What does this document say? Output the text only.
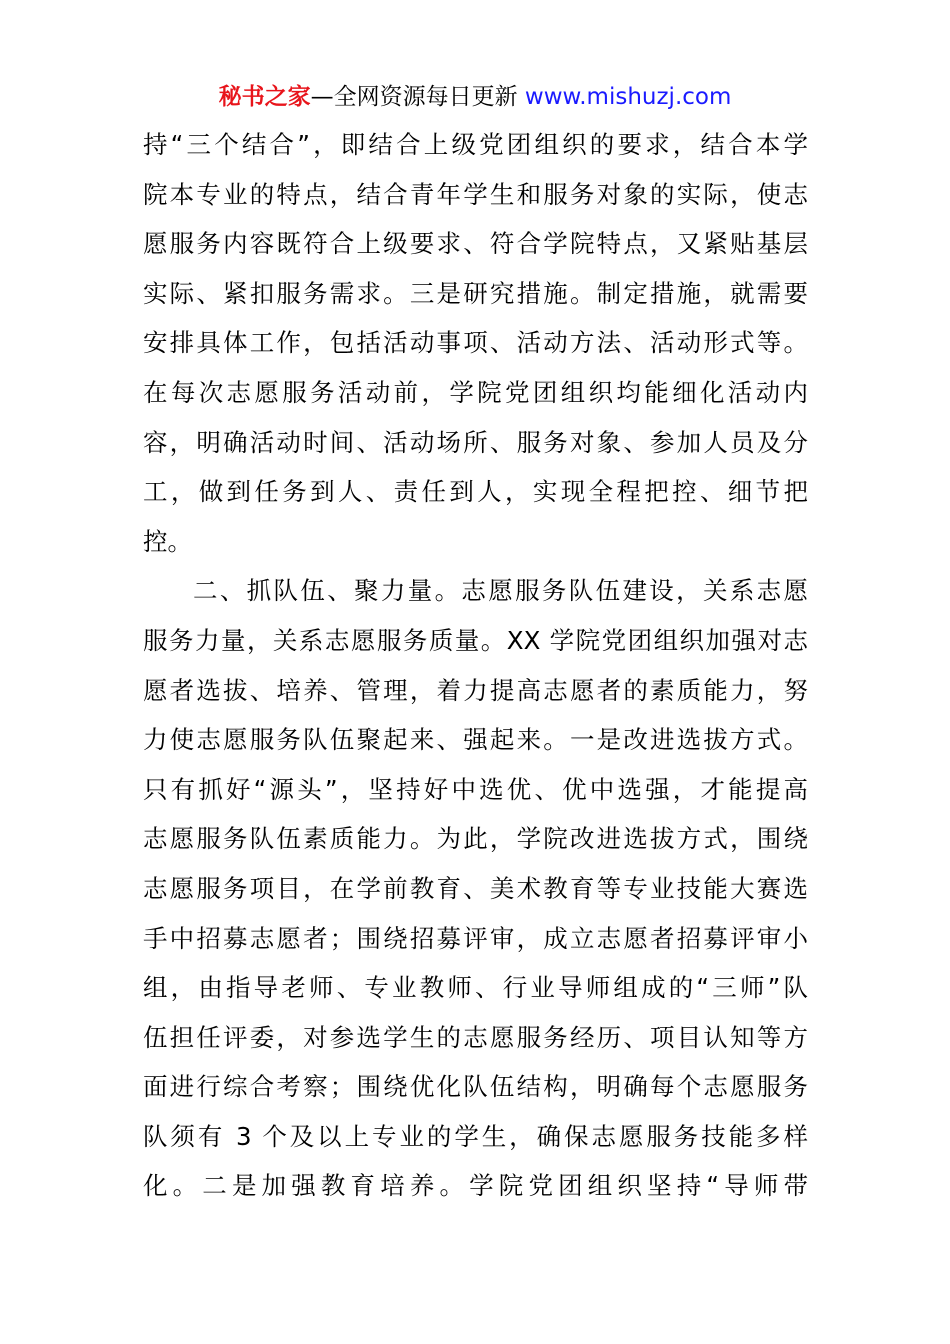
秘书之家—全网资源每日更新 www.mishuzj.com
持“三个结合”，即结合上级党团组织的要求，结合本学
院本专业的特点，结合青年学生和服务对象的实际，使志
愿服务内容既符合上级要求、符合学院特点，又紧贴基层
实际、紧扣服务需求。三是研究措施。制定措施，就需要
安排具体工作，包括活动事项、活动方法、活动形式等。
在每次志愿服务活动前，学院党团组织均能细化活动内
容，明确活动时间、活动场所、服务对象、参加人员及分
工，做到任务到人、责任到人，实现全程把控、细节把
控。
二、抓队伍、聚力量。志愿服务队伍建设，关系志愿
服务力量，关系志愿服务质量。XX 学院党团组织加强对志
愿者选拔、培养、管理，着力提高志愿者的素质能力，努
力使志愿服务队伍聚起来、强起来。一是改进选拔方式。
只有抓好“源头”，坚持好中选优、优中选强，才能提高
志愿服务队伍素质能力。为此，学院改进选拔方式，围绕
志愿服务项目，在学前教育、美术教育等专业技能大赛选
手中招募志愿者；围绕招募评审，成立志愿者招募评审小
组，由指导老师、专业教师、行业导师组成的“三师”队
伍担任评委，对参选学生的志愿服务经历、项目认知等方
面进行综合考察；围绕优化队伍结构，明确每个志愿服务
队须有 3 个及以上专业的学生，确保志愿服务技能多样
化。二是加强教育培养。学院党团组织坚持“导师带
